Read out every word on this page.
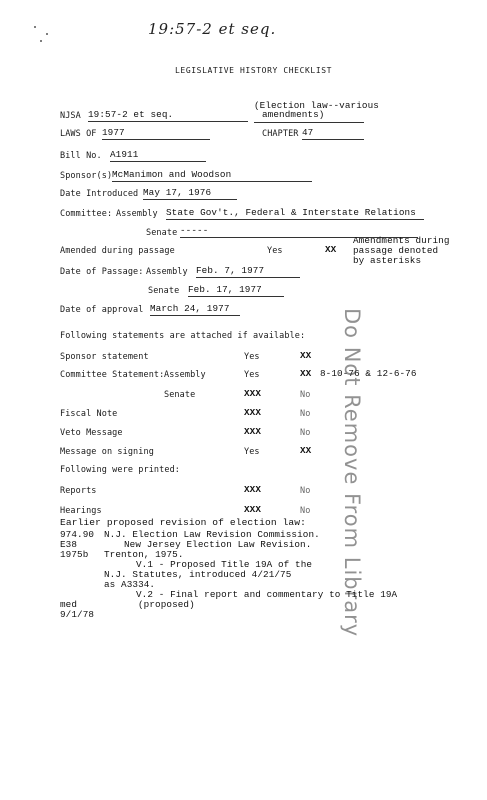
19:57-2 et seq.
LEGISLATIVE HISTORY CHECKLIST
NJSA 19:57-2 et seq.
(Election law--various
amendments)
LAWS OF 1977	CHAPTER 47
Bill No. A1911
Sponsor(s) McManimon and Woodson
Date Introduced May 17, 1976
Committee: Assembly State Gov't., Federal & Interstate Relations
Senate -----
Amended during passage	Yes	XX
Amendments during
passage denoted
by asterisks
Date of Passage: Assembly Feb. 7, 1977
Senate Feb. 17, 1977
Date of approval March 24, 1977
Following statements are attached if available:
Sponsor statement	Yes	XX
Committee Statement: Assembly	Yes	XX 8-10-76 & 12-6-76
Senate	XXX	No
Fiscal Note	XXX	No
Veto Message	XXX	No
Message on signing	Yes	XX
Following were printed:
Reports	XXX	No
Hearings	XXX	No
Earlier proposed revision of election law:
974.90
E38
1975b
N.J. Election Law Revision Commission.
New Jersey Election Law Revision.
Trenton, 1975.
V.1 - Proposed Title 19A of the
N.J. Statutes, introduced 4/21/75
as A3334.
V.2 - Final report and commentary to Title 19A
(proposed)
med
9/1/78	Do Not Remove From Library
